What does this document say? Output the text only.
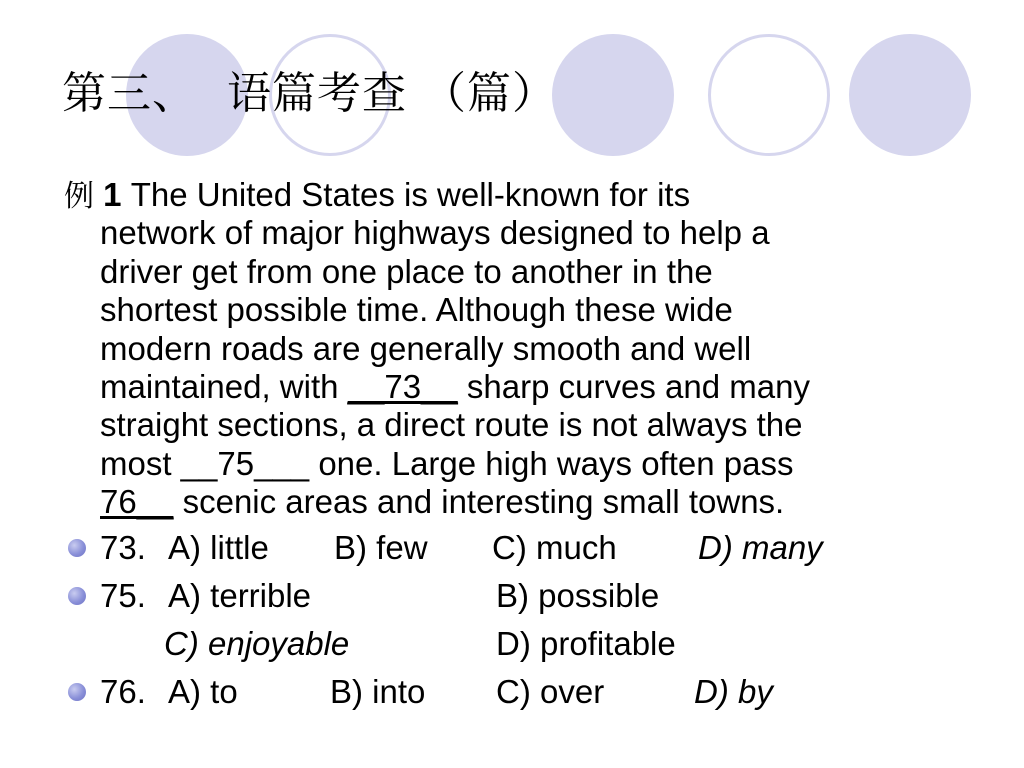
第三、  语篇考查 （篇）
例 1 The United States is well-known for its
network of major highways designed to help a
driver get from one place to another in the
shortest possible time. Although these wide
modern roads are generally smooth and well
maintained, with __73__ sharp curves and many
straight sections, a direct route is not always the
most __75___ one. Large high ways often pass
76__ scenic areas and interesting small towns.

73.

A) little

B) few

C) much

D) many

75.

A) terrible

	B) possible

C) enjoyable

	D) profitable

76.

A) to

	B) into

C) over

	D) by
